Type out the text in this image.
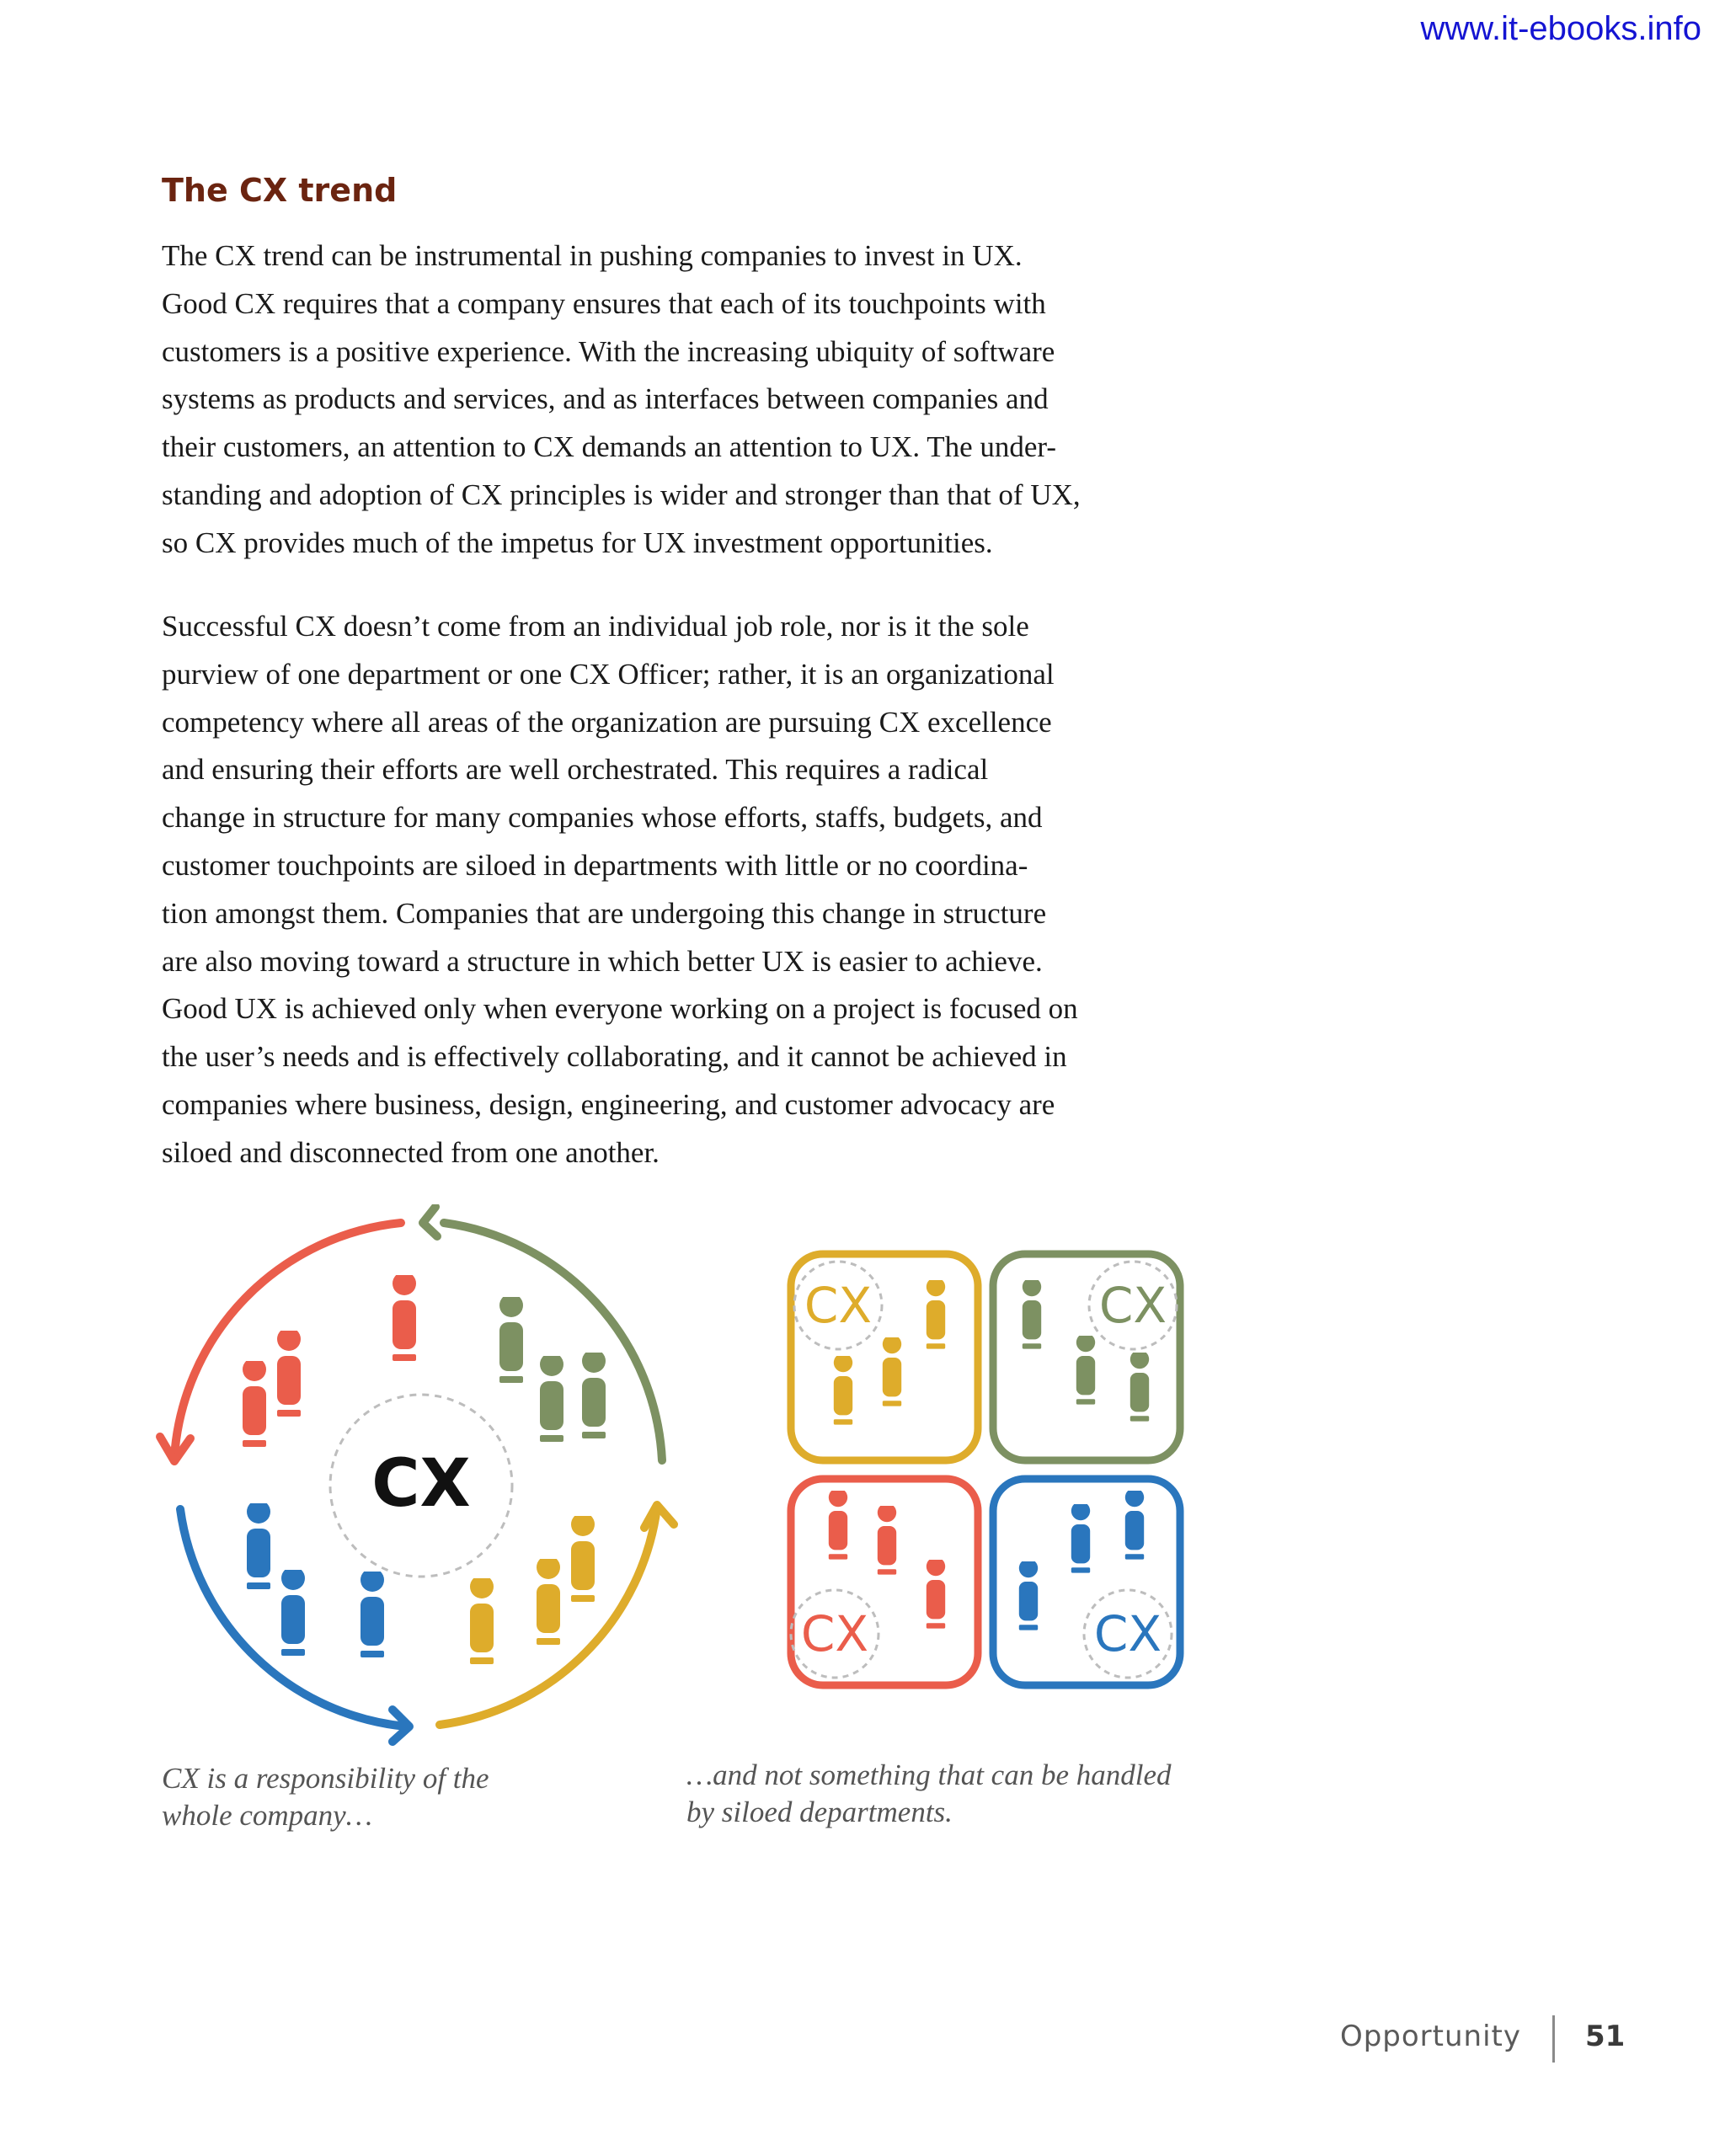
www.it-ebooks.info
The CX trend

The CX trend can be instrumental in pushing companies to invest in UX.
Good CX requires that a company ensures that each of its touchpoints with
customers is a positive experience. With the increasing ubiquity of software
systems as products and services, and as interfaces between companies and
their customers, an attention to CX demands an attention to UX. The under-
standing and adoption of CX principles is wider and stronger than that of UX,
so CX provides much of the impetus for UX investment opportunities.

Successful CX doesn’t come from an individual job role, nor is it the sole
purview of one department or one CX Officer; rather, it is an organizational
competency where all areas of the organization are pursuing CX excellence
and ensuring their efforts are well orchestrated. This requires a radical
change in structure for many companies whose efforts, staffs, budgets, and
customer touchpoints are siloed in departments with little or no coordina-
tion amongst them. Companies that are undergoing this change in structure
are also moving toward a structure in which better UX is easier to achieve.
Good UX is achieved only when everyone working on a project is focused on
the user’s needs and is effectively collaborating, and it cannot be achieved in
companies where business, design, engineering, and customer advocacy are
siloed and disconnected from one another.

CX
CX	CX
CX	CX

CX is a responsibility of the
whole company…

…and not something that can be handled
by siloed departments.

Opportunity 51
